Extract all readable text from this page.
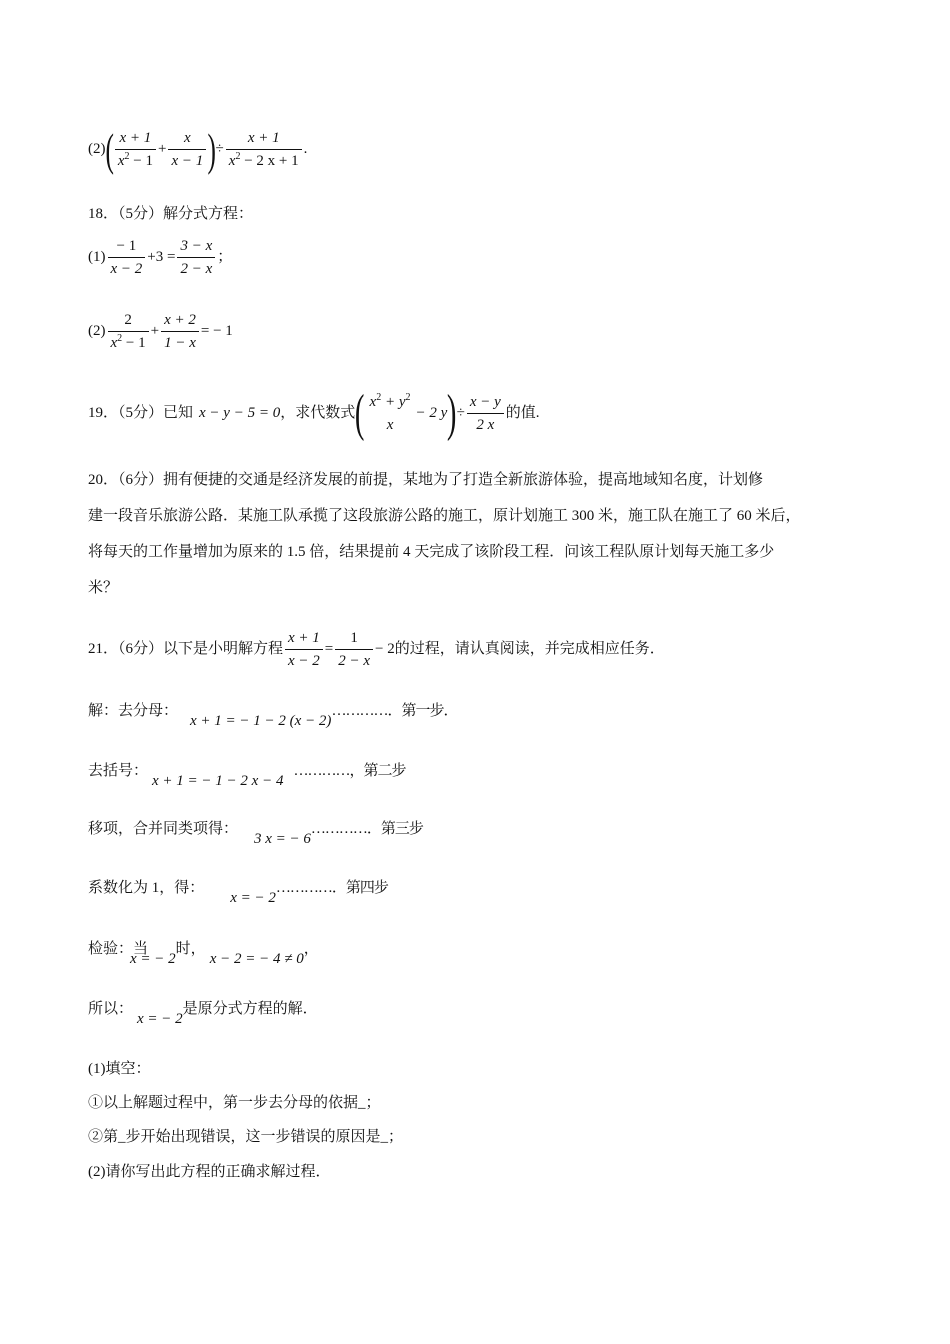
$(2)( \frac{x + 1}{x^2 - 1} + \frac{x}{x - 1}$ )÷ $\frac{x + 1}{x^2 - 2 x + 1}$ .
18．（5分）解分式方程：
$(1) \frac{- 1}{x - 2} +3 = \frac{3 - x}{2 - x}$ ；
$(2) \frac{2}{x^2 - 1} + \frac{x + 2}{1 - x}$ = − 1
19．（5分）已知 x − y − 5 = 0，求代数式( $x^2 + y^2$
x
− 2 $y)\div \frac{x - y}{2 x}$ 的值.
20．（6分）拥有便捷的交通是经济发展的前提，某地为了打造全新旅游体验，提高地域知名度，计划修
建一段音乐旅游公路．某施工队承揽了这段旅游公路的施工，原计划施工 300 米，施工队在施工了 60 米后，
将每天的工作量增加为原来的 1.5 倍，结果提前 4 天完成了该阶段工程．问该工程队原计划每天施工多少
米？
21．（6分）以下是小明解方程 $\frac{x + 1}{x - 2} = \frac{1}{2 - x} - 2$的过程，请认真阅读，并完成相应任务．
解：去分母：x + 1 = − 1 − 2 (x − 2)…………．第一步．
去括号：x + 1 = − 1 − 2 x − 4…………，第二步
移项，合并同类项得：3 x = − 6…………．第三步
系数化为 1，得：x = − 2…………．第四步
检验：当x = − 2时，x − 2 = − 4 ≠ 0，
所以：x = − 2是原分式方程的解．
(1)填空：
①以上解题过程中，第一步去分母的依据_；
②第_步开始出现错误，这一步错误的原因是_；
(2)请你写出此方程的正确求解过程．
